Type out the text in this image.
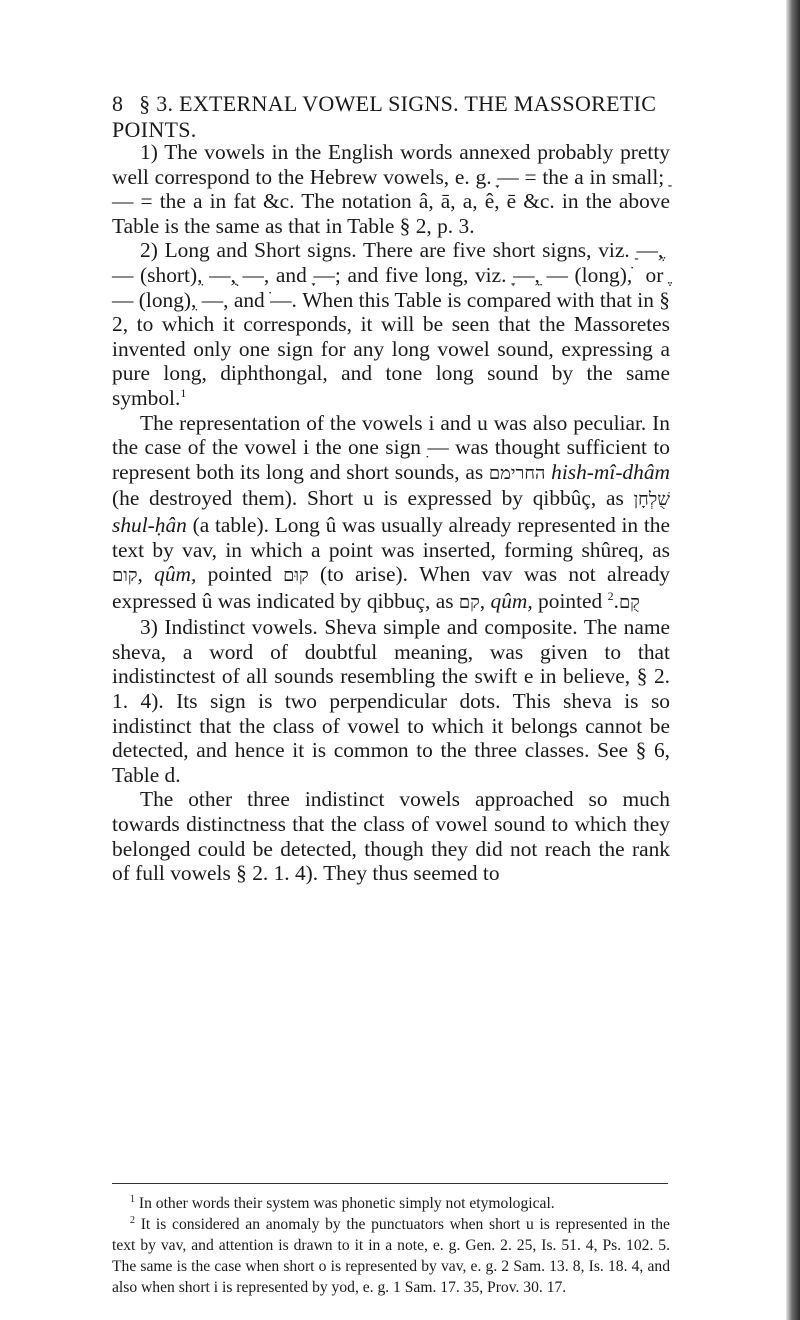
8 § 3. EXTERNAL VOWEL SIGNS. THE MASSORETIC POINTS.

1) The vowels in the English words annexed probably pretty well correspond to the Hebrew vowels, e. g. ָ— = the a in small; ַ— = the a in fat &c. The notation â, ā, a, ê, ē &c. in the above Table is the same as that in Table § 2, p. 3.

2) Long and Short signs. There are five short signs, viz. ַ—, ֶ— (short), ִ—, ֻ—, and ָ—; and five long, viz. ָ—, ֵ— (long), ֹ or ֶ— (long), ִ—, and ֹ—. When this Table is compared with that in § 2, to which it corresponds, it will be seen that the Massoretes invented only one sign for any long vowel sound, expressing a pure long, diphthongal, and tone long sound by the same symbol.$^1$

The representation of the vowels i and u was also peculiar. In the case of the vowel i the one sign ִ— was thought sufficient to represent both its long and short sounds, as החרימם hish-mî-dhâm (he destroyed them). Short u is expressed by qibbûç, as שֻׁלְחָן shul-ḥân (a table). Long û was usually already represented in the text by vav, in which a point was inserted, forming shûreq, as קום, qûm, pointed קוּם (to arise). When vav was not already expressed û was indicated by qibbuç, as קם, qûm, pointed קֻם.$^2$

3) Indistinct vowels. Sheva simple and composite. The name sheva, a word of doubtful meaning, was given to that indistinctest of all sounds resembling the swift e in believe, § 2. 1. 4). Its sign is two perpendicular dots. This sheva is so indistinct that the class of vowel to which it belongs cannot be detected, and hence it is common to the three classes. See § 6, Table d.

The other three indistinct vowels approached so much towards distinctness that the class of vowel sound to which they belonged could be detected, though they did not reach the rank of full vowels § 2. 1. 4). They thus seemed to

$^1$ In other words their system was phonetic simply not etymological.

$^2$ It is considered an anomaly by the punctuators when short u is represented in the text by vav, and attention is drawn to it in a note, e. g. Gen. 2. 25, Is. 51. 4, Ps. 102. 5. The same is the case when short o is represented by vav, e. g. 2 Sam. 13. 8, Is. 18. 4, and also when short i is represented by yod, e. g. 1 Sam. 17. 35, Prov. 30. 17.
